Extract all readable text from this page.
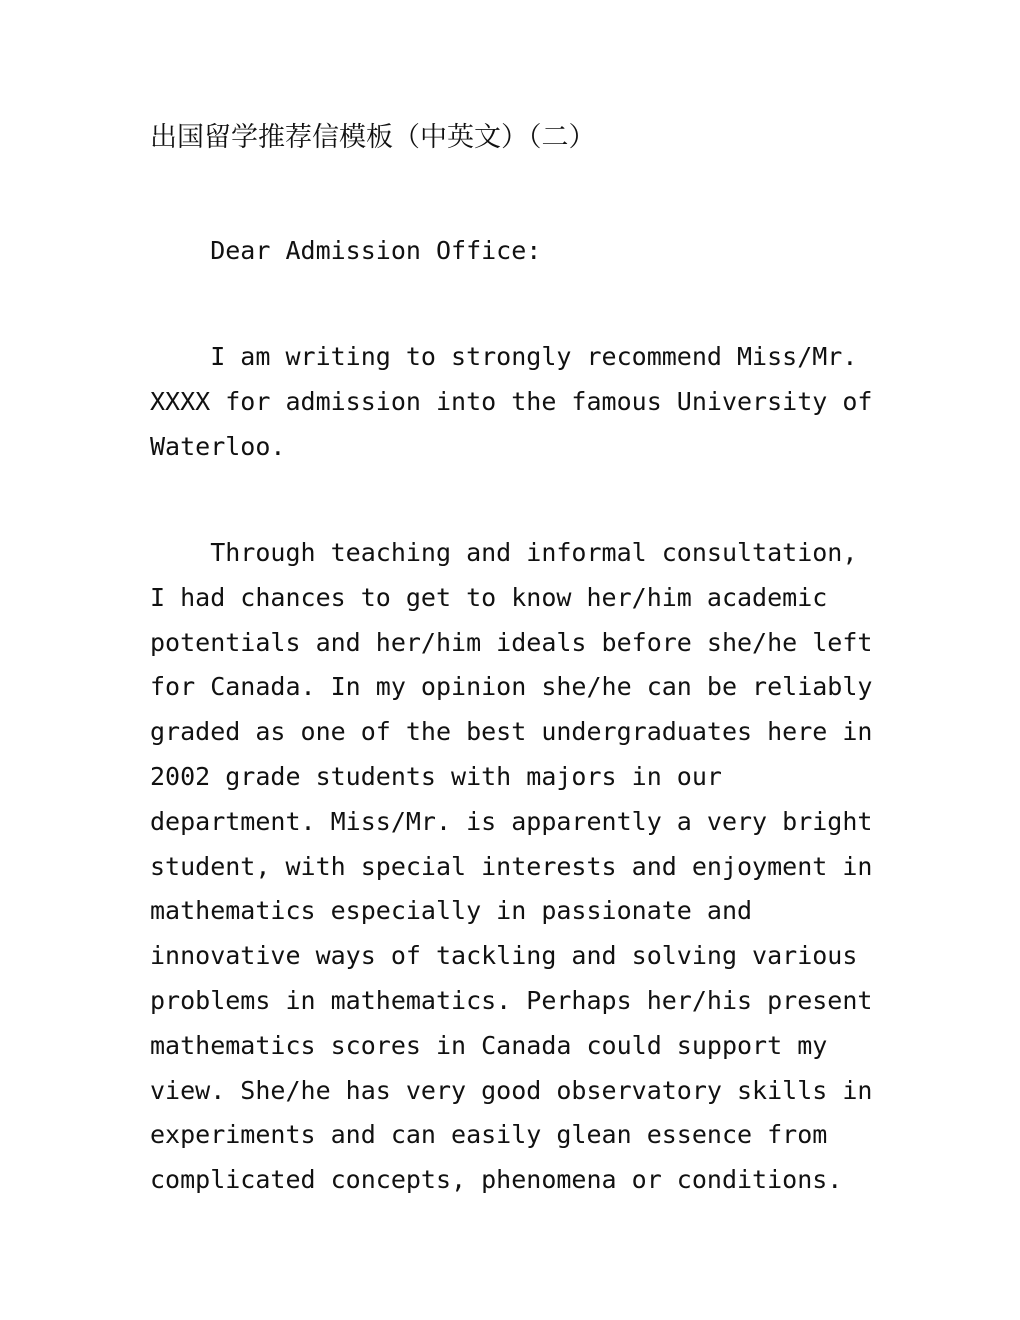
出国留学推荐信模板（中英文）（二）
Dear Admission Office:
I am writing to strongly recommend Miss/Mr.
XXXX for admission into the famous University of
Waterloo.
Through teaching and informal consultation,
I had chances to get to know her/him academic
potentials and her/him ideals before she/he left
for Canada. In my opinion she/he can be reliably
graded as one of the best undergraduates here in
2002 grade students with majors in our
department. Miss/Mr. is apparently a very bright
student, with special interests and enjoyment in
mathematics especially in passionate and
innovative ways of tackling and solving various
problems in mathematics. Perhaps her/his present
mathematics scores in Canada could support my
view. She/he has very good observatory skills in
experiments and can easily glean essence from
complicated concepts, phenomena or conditions.
